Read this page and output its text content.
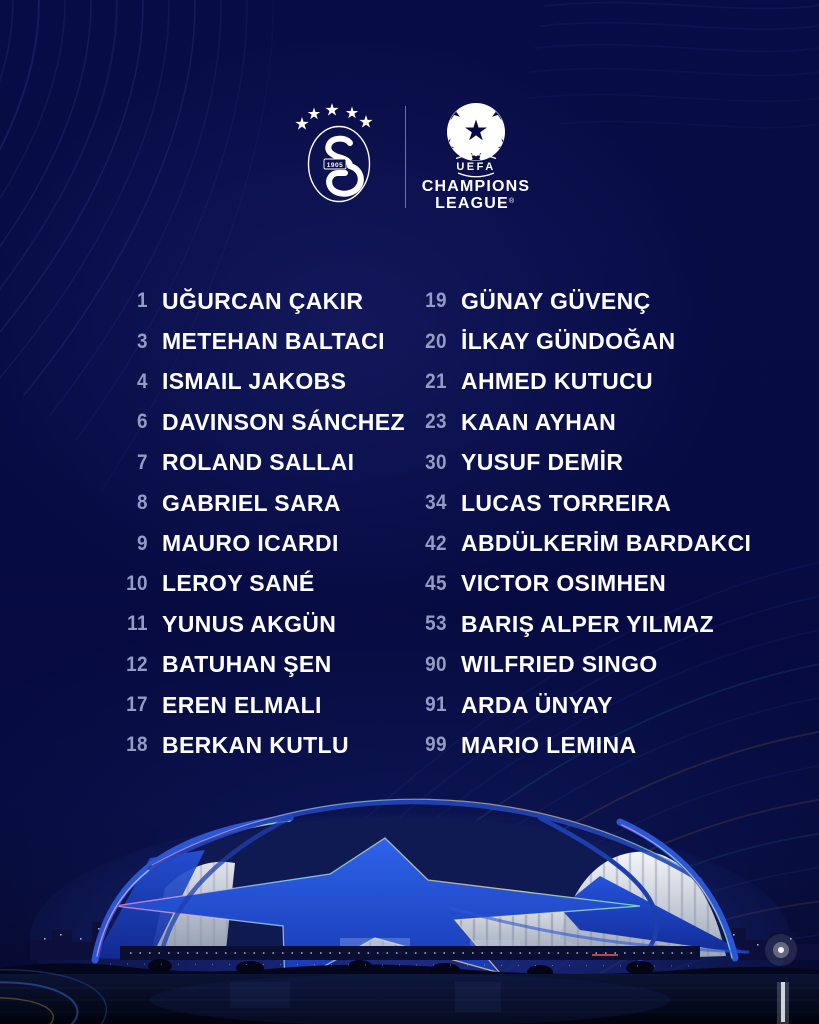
1905	UEFA
CHAMPIONS
LEAGUE ®
1 UĞURCAN ÇAKIR
3 METEHAN BALTACI
4 ISMAIL JAKOBS
6 DAVINSON SÁNCHEZ
7 ROLAND SALLAI
8 GABRIEL SARA
9 MAURO ICARDI
10 LEROY SANÉ
11 YUNUS AKGÜN
12 BATUHAN ŞEN
17 EREN ELMALI
18 BERKAN KUTLU
19 GÜNAY GÜVENÇ
20 İLKAY GÜNDOĞAN
21 AHMED KUTUCU
23 KAAN AYHAN
30 YUSUF DEMİR
34 LUCAS TORREIRA
42 ABDÜLKERİM BARDAKCI
45 VICTOR OSIMHEN
53 BARIŞ ALPER YILMAZ
90 WILFRIED SINGO
91 ARDA ÜNYAY
99 MARIO LEMINA
